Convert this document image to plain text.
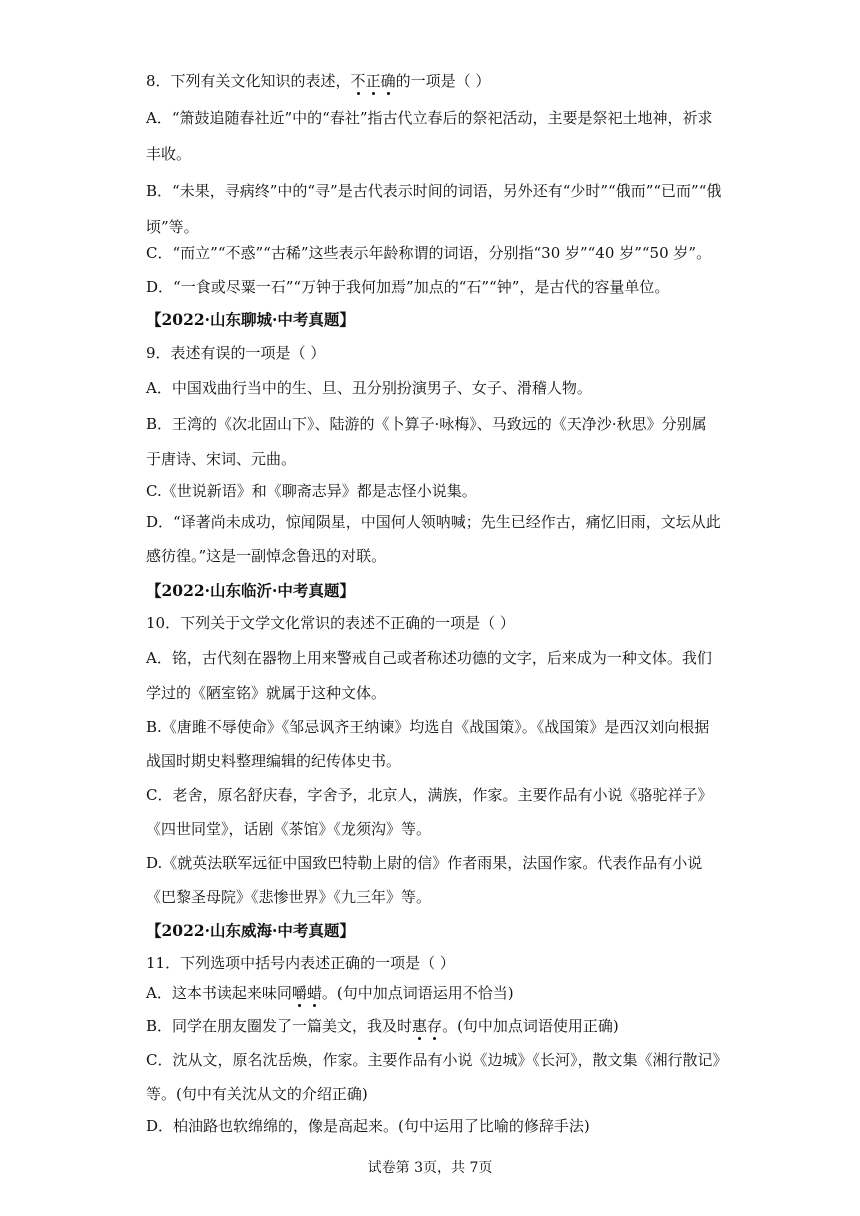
8．下列有关文化知识的表述，不正确的一项是（ ）
A．“箫鼓追随春社近”中的“春社”指古代立春后的祭祀活动，主要是祭祀土地神，祈求
丰收。
B．“未果，寻病终”中的“寻”是古代表示时间的词语，另外还有“少时”“俄而”“已而”“俄
顷”等。
C．“而立”“不惑”“古稀”这些表示年龄称谓的词语，分别指“30 岁”“40 岁”“50 岁”。
D．“一食或尽粟一石”“万钟于我何加焉”加点的“石”“钟”，是古代的容量单位。
【2022·山东聊城·中考真题】
9．表述有误的一项是（ ）
A．中国戏曲行当中的生、旦、丑分别扮演男子、女子、滑稽人物。
B．王湾的《次北固山下》、陆游的《卜算子·咏梅》、马致远的《天净沙·秋思》分别属
于唐诗、宋词、元曲。
C.《世说新语》和《聊斋志异》都是志怪小说集。
D．“译著尚未成功，惊闻陨星，中国何人领呐喊；先生已经作古，痛忆旧雨，文坛从此
感彷徨。”这是一副悼念鲁迅的对联。
【2022·山东临沂·中考真题】
10．下列关于文学文化常识的表述不正确的一项是（ ）
A．铭，古代刻在器物上用来警戒自己或者称述功德的文字，后来成为一种文体。我们
学过的《陋室铭》就属于这种文体。
B.《唐雎不辱使命》《邹忌讽齐王纳谏》均选自《战国策》。《战国策》是西汉刘向根据
战国时期史料整理编辑的纪传体史书。
C．老舍，原名舒庆春，字舍予，北京人，满族，作家。主要作品有小说《骆驼祥子》
《四世同堂》，话剧《茶馆》《龙须沟》等。
D.《就英法联军远征中国致巴特勒上尉的信》作者雨果，法国作家。代表作品有小说
《巴黎圣母院》《悲惨世界》《九三年》等。
【2022·山东威海·中考真题】
11．下列选项中括号内表述正确的一项是（ ）
A．这本书读起来味同嚼蜡。(句中加点词语运用不恰当)
B．同学在朋友圈发了一篇美文，我及时惠存。(句中加点词语使用正确)
C．沈从文，原名沈岳焕，作家。主要作品有小说《边城》《长河》，散文集《湘行散记》
等。(句中有关沈从文的介绍正确)
D．柏油路也软绵绵的，像是高起来。(句中运用了比喻的修辞手法)
试卷第 3页，共 7页
